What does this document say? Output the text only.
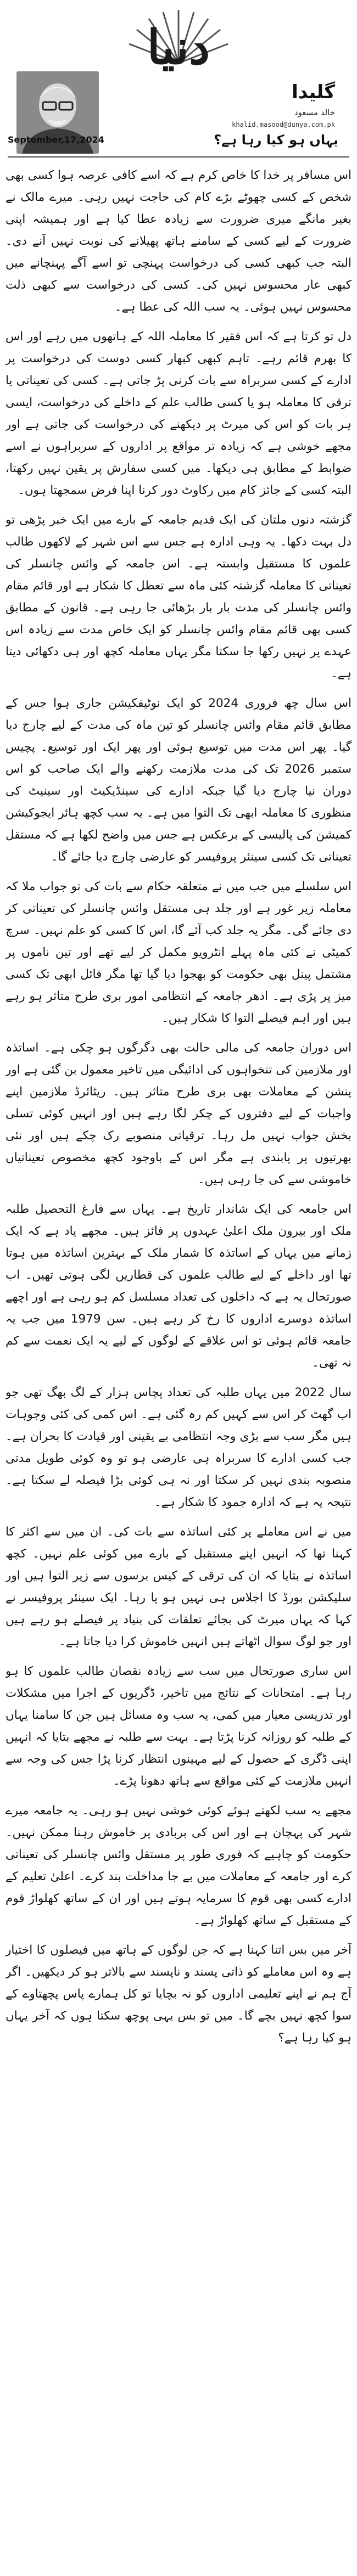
دنیا
گلیدا
خالد مسعود
khalid.masood@dunya.com.pk
September,17,2024	یہاں ہو کیا رہا ہے؟

اس مسافر پر خدا کا خاص کرم ہے کہ اسے کافی عرصہ ہوا کسی بھی شخص کے کسی چھوٹے بڑے کام کی حاجت نہیں رہی۔ میرے مالک نے بغیر مانگے میری ضرورت سے زیادہ عطا کیا ہے اور ہمیشہ اپنی ضرورت کے لیے کسی کے سامنے ہاتھ پھیلانے کی نوبت نہیں آنے دی۔ البتہ جب کبھی کسی کی درخواست پہنچی تو اسے آگے پہنچانے میں کبھی عار محسوس نہیں کی۔ کسی کی درخواست سے کبھی ذلت محسوس نہیں ہوئی۔ یہ سب اللہ کی عطا ہے۔

دل تو کرتا ہے کہ اس فقیر کا معاملہ اللہ کے ہاتھوں میں رہے اور اس کا بھرم قائم رہے۔ تاہم کبھی کبھار کسی دوست کی درخواست پر ادارے کے کسی سربراہ سے بات کرنی پڑ جاتی ہے۔ کسی کی تعیناتی یا ترقی کا معاملہ ہو یا کسی طالب علم کے داخلے کی درخواست، ایسی ہر بات کو اس کی میرٹ پر دیکھنے کی درخواست کی جاتی ہے اور مجھے خوشی ہے کہ زیادہ تر مواقع پر اداروں کے سربراہوں نے اسے ضوابط کے مطابق ہی دیکھا۔ میں کسی سفارش پر یقین نہیں رکھتا، البتہ کسی کے جائز کام میں رکاوٹ دور کرنا اپنا فرض سمجھتا ہوں۔

گزشتہ دنوں ملتان کی ایک قدیم جامعہ کے بارے میں ایک خبر پڑھی تو دل بہت دکھا۔ یہ وہی ادارہ ہے جس سے اس شہر کے لاکھوں طالب علموں کا مستقبل وابستہ ہے۔ اس جامعہ کے وائس چانسلر کی تعیناتی کا معاملہ گزشتہ کئی ماہ سے تعطل کا شکار ہے اور قائم مقام وائس چانسلر کی مدت بار بار بڑھائی جا رہی ہے۔ قانون کے مطابق کسی بھی قائم مقام وائس چانسلر کو ایک خاص مدت سے زیادہ اس عہدے پر نہیں رکھا جا سکتا مگر یہاں معاملہ کچھ اور ہی دکھائی دیتا ہے۔

اس سال چھ فروری 2024 کو ایک نوٹیفکیشن جاری ہوا جس کے مطابق قائم مقام وائس چانسلر کو تین ماہ کی مدت کے لیے چارج دیا گیا۔ پھر اس مدت میں توسیع ہوئی اور پھر ایک اور توسیع۔ پچیس ستمبر 2026 تک کی مدت ملازمت رکھنے والے ایک صاحب کو اس دوران نیا چارج دیا گیا جبکہ ادارے کی سینڈیکیٹ اور سینیٹ کی منظوری کا معاملہ ابھی تک التوا میں ہے۔ یہ سب کچھ ہائر ایجوکیشن کمیشن کی پالیسی کے برعکس ہے جس میں واضح لکھا ہے کہ مستقل تعیناتی تک کسی سینئر پروفیسر کو عارضی چارج دیا جائے گا۔

اس سلسلے میں جب میں نے متعلقہ حکام سے بات کی تو جواب ملا کہ معاملہ زیر غور ہے اور جلد ہی مستقل وائس چانسلر کی تعیناتی کر دی جائے گی۔ مگر یہ جلد کب آئے گا، اس کا کسی کو علم نہیں۔ سرچ کمیٹی نے کئی ماہ پہلے انٹرویو مکمل کر لیے تھے اور تین ناموں پر مشتمل پینل بھی حکومت کو بھجوا دیا گیا تھا مگر فائل ابھی تک کسی میز پر پڑی ہے۔ ادھر جامعہ کے انتظامی امور بری طرح متاثر ہو رہے ہیں اور اہم فیصلے التوا کا شکار ہیں۔

اس دوران جامعہ کی مالی حالت بھی دگرگوں ہو چکی ہے۔ اساتذہ اور ملازمین کی تنخواہوں کی ادائیگی میں تاخیر معمول بن گئی ہے اور پنشن کے معاملات بھی بری طرح متاثر ہیں۔ ریٹائرڈ ملازمین اپنے واجبات کے لیے دفتروں کے چکر لگا رہے ہیں اور انہیں کوئی تسلی بخش جواب نہیں مل رہا۔ ترقیاتی منصوبے رک چکے ہیں اور نئی بھرتیوں پر پابندی ہے مگر اس کے باوجود کچھ مخصوص تعیناتیاں خاموشی سے کی جا رہی ہیں۔

اس جامعہ کی ایک شاندار تاریخ ہے۔ یہاں سے فارغ التحصیل طلبہ ملک اور بیرون ملک اعلیٰ عہدوں پر فائز ہیں۔ مجھے یاد ہے کہ ایک زمانے میں یہاں کے اساتذہ کا شمار ملک کے بہترین اساتذہ میں ہوتا تھا اور داخلے کے لیے طالب علموں کی قطاریں لگی ہوتی تھیں۔ اب صورتحال یہ ہے کہ داخلوں کی تعداد مسلسل کم ہو رہی ہے اور اچھے اساتذہ دوسرے اداروں کا رخ کر رہے ہیں۔ سن 1979 میں جب یہ جامعہ قائم ہوئی تو اس علاقے کے لوگوں کے لیے یہ ایک نعمت سے کم نہ تھی۔

سال 2022 میں یہاں طلبہ کی تعداد پچاس ہزار کے لگ بھگ تھی جو اب گھٹ کر اس سے کہیں کم رہ گئی ہے۔ اس کمی کی کئی وجوہات ہیں مگر سب سے بڑی وجہ انتظامی بے یقینی اور قیادت کا بحران ہے۔ جب کسی ادارے کا سربراہ ہی عارضی ہو تو وہ کوئی طویل مدتی منصوبہ بندی نہیں کر سکتا اور نہ ہی کوئی بڑا فیصلہ لے سکتا ہے۔ نتیجہ یہ ہے کہ ادارہ جمود کا شکار ہے۔

میں نے اس معاملے پر کئی اساتذہ سے بات کی۔ ان میں سے اکثر کا کہنا تھا کہ انہیں اپنے مستقبل کے بارے میں کوئی علم نہیں۔ کچھ اساتذہ نے بتایا کہ ان کی ترقی کے کیس برسوں سے زیر التوا ہیں اور سلیکشن بورڈ کا اجلاس ہی نہیں ہو پا رہا۔ ایک سینئر پروفیسر نے کہا کہ یہاں میرٹ کی بجائے تعلقات کی بنیاد پر فیصلے ہو رہے ہیں اور جو لوگ سوال اٹھاتے ہیں انہیں خاموش کرا دیا جاتا ہے۔

اس ساری صورتحال میں سب سے زیادہ نقصان طالب علموں کا ہو رہا ہے۔ امتحانات کے نتائج میں تاخیر، ڈگریوں کے اجرا میں مشکلات اور تدریسی معیار میں کمی، یہ سب وہ مسائل ہیں جن کا سامنا یہاں کے طلبہ کو روزانہ کرنا پڑتا ہے۔ بہت سے طلبہ نے مجھے بتایا کہ انہیں اپنی ڈگری کے حصول کے لیے مہینوں انتظار کرنا پڑا جس کی وجہ سے انہیں ملازمت کے کئی مواقع سے ہاتھ دھونا پڑے۔

مجھے یہ سب لکھتے ہوئے کوئی خوشی نہیں ہو رہی۔ یہ جامعہ میرے شہر کی پہچان ہے اور اس کی بربادی پر خاموش رہنا ممکن نہیں۔ حکومت کو چاہیے کہ فوری طور پر مستقل وائس چانسلر کی تعیناتی کرے اور جامعہ کے معاملات میں بے جا مداخلت بند کرے۔ اعلیٰ تعلیم کے ادارے کسی بھی قوم کا سرمایہ ہوتے ہیں اور ان کے ساتھ کھلواڑ قوم کے مستقبل کے ساتھ کھلواڑ ہے۔

آخر میں بس اتنا کہنا ہے کہ جن لوگوں کے ہاتھ میں فیصلوں کا اختیار ہے وہ اس معاملے کو ذاتی پسند و ناپسند سے بالاتر ہو کر دیکھیں۔ اگر آج ہم نے اپنے تعلیمی اداروں کو نہ بچایا تو کل ہمارے پاس پچھتاوے کے سوا کچھ نہیں بچے گا۔ میں تو بس یہی پوچھ سکتا ہوں کہ آخر یہاں ہو کیا رہا ہے؟
